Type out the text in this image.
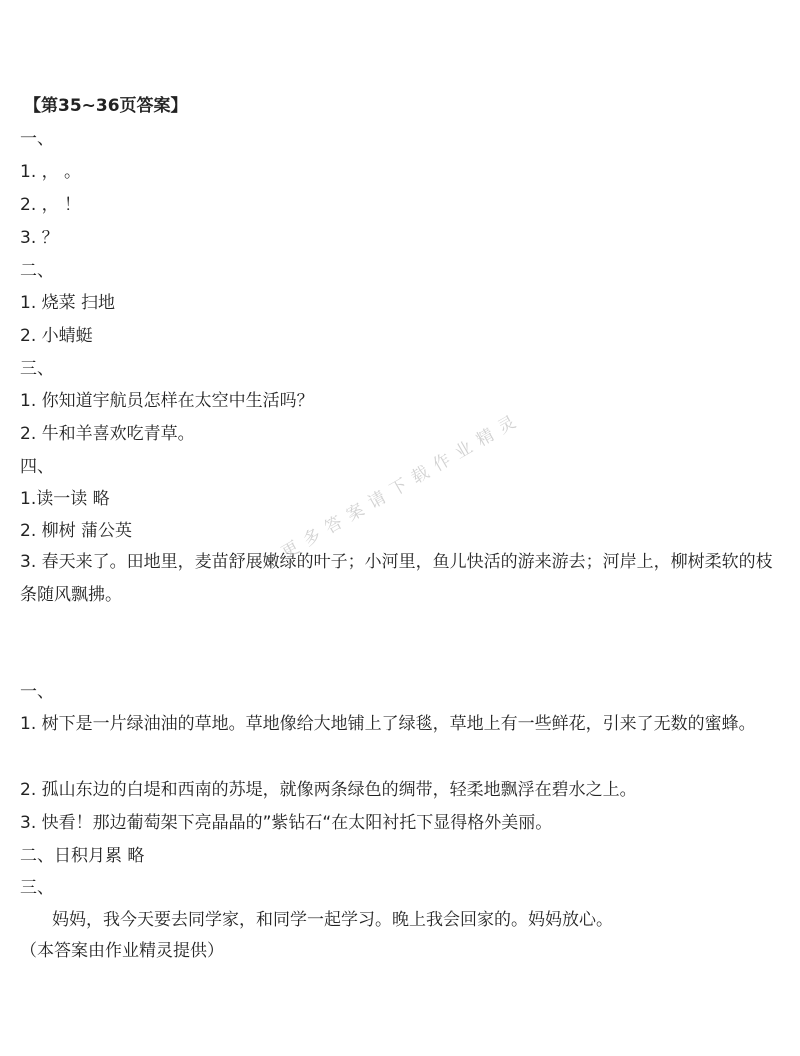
【第35~36页答案】
一、
1. ， 。
2. ， ！
3. ？
二、
1. 烧菜 扫地
2. 小蜻蜓
三、
1. 你知道宇航员怎样在太空中生活吗？
2. 牛和羊喜欢吃青草。
四、
1.读一读 略
2. 柳树 蒲公英
3. 春天来了。田地里，麦苗舒展嫩绿的叶子；小河里，鱼儿快活的游来游去；河岸上，柳树柔软的枝条随风飘拂。
一、
1. 树下是一片绿油油的草地。草地像给大地铺上了绿毯，草地上有一些鲜花，引来了无数的蜜蜂。
2. 孤山东边的白堤和西南的苏堤，就像两条绿色的绸带，轻柔地飘浮在碧水之上。
3. 快看！那边葡萄架下亮晶晶的”紫钻石“在太阳衬托下显得格外美丽。
二、日积月累 略
三、
妈妈，我今天要去同学家，和同学一起学习。晚上我会回家的。妈妈放心。
（本答案由作业精灵提供）
更多答案请下载作业精灵
